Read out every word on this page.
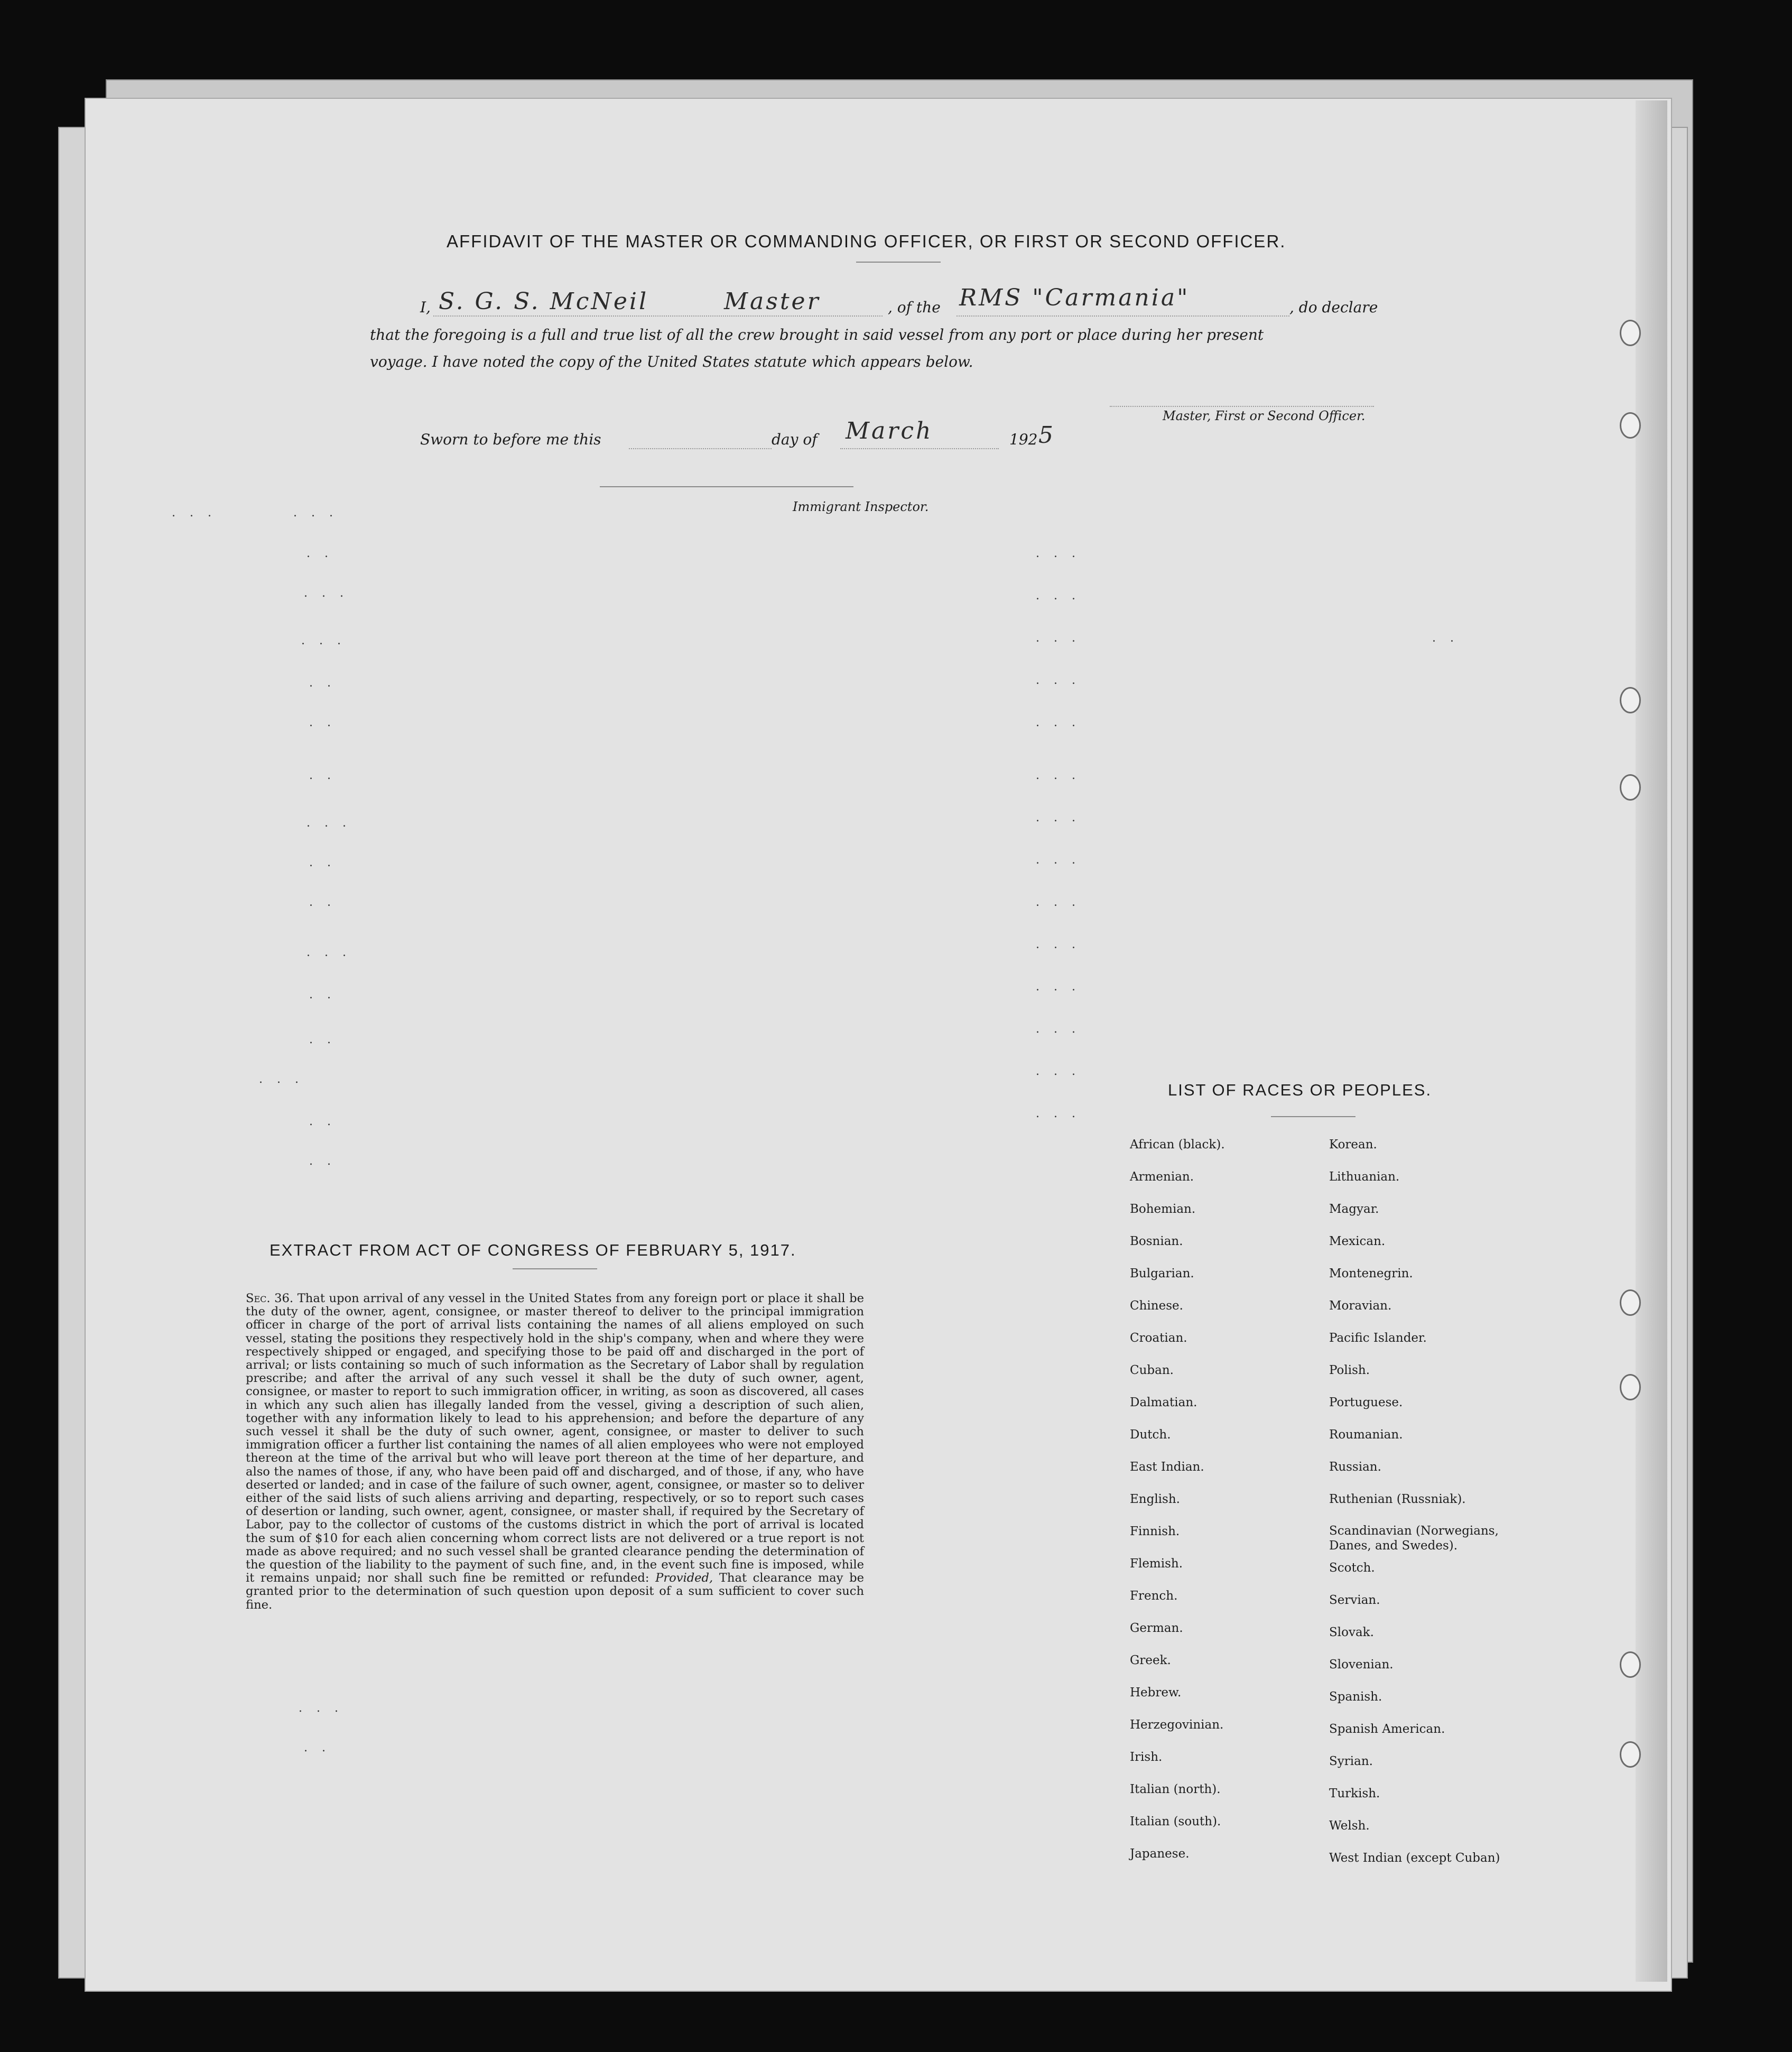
AFFIDAVIT OF THE MASTER OR COMMANDING OFFICER, OR FIRST OR SECOND OFFICER.
I, S. G. S. McNeil	Master	, of the RMS "Carmania"	, do declare
that the foregoing is a full and true list of all the crew brought in said vessel from any port or place during her present
voyage. I have noted the copy of the United States statute which appears below.
Master, First or Second Officer.
Sworn to before me this	day of March	192 5
Immigrant Inspector.
. . .	. . .
. .
. . .
. . .
. .
. .
. .
. . .
. .
. .
. . .
. .
. .
. . .
. .
. .
. . .
. . .
. . .
. . .
. . .
. . .
. . .
. . .
. . .
. . .
. . .
. . .
. . .
. . .
. .
EXTRACT FROM ACT OF CONGRESS OF FEBRUARY 5, 1917.
Sec. 36. That upon arrival of any vessel in the United States from any foreign port or place it shall be the duty of the owner, agent, consignee, or master thereof to deliver to the principal immigration officer in charge of the port of arrival lists containing the names of all aliens employed on such vessel, stating the positions they respectively hold in the ship's company, when and where they were respectively shipped or engaged, and specifying those to be paid off and discharged in the port of arrival; or lists containing so much of such information as the Secretary of Labor shall by regulation prescribe; and after the arrival of any such vessel it shall be the duty of such owner, agent, consignee, or master to report to such immigration officer, in writing, as soon as discovered, all cases in which any such alien has illegally landed from the vessel, giving a description of such alien, together with any information likely to lead to his apprehension; and before the departure of any such vessel it shall be the duty of such owner, agent, consignee, or master to deliver to such immigration officer a further list containing the names of all alien employees who were not employed thereon at the time of the arrival but who will leave port thereon at the time of her departure, and also the names of those, if any, who have been paid off and discharged, and of those, if any, who have deserted or landed; and in case of the failure of such owner, agent, consignee, or master so to deliver either of the said lists of such aliens arriving and departing, respectively, or so to report such cases of desertion or landing, such owner, agent, consignee, or master shall, if required by the Secretary of Labor, pay to the collector of customs of the customs district in which the port of arrival is located the sum of $10 for each alien concerning whom correct lists are not delivered or a true report is not made as above required; and no such vessel shall be granted clearance pending the determination of the question of the liability to the payment of such fine, and, in the event such fine is imposed, while it remains unpaid; nor shall such fine be remitted or refunded: Provided, That clearance may be granted prior to the determination of such question upon deposit of a sum sufficient to cover such fine.
. . .
. .
LIST OF RACES OR PEOPLES.
African (black).
Armenian.
Bohemian.
Bosnian.
Bulgarian.
Chinese.
Croatian.
Cuban.
Dalmatian.
Dutch.
East Indian.
English.
Finnish.
Flemish.
French.
German.
Greek.
Hebrew.
Herzegovinian.
Irish.
Italian (north).
Italian (south).
Japanese.
Korean.
Lithuanian.
Magyar.
Mexican.
Montenegrin.
Moravian.
Pacific Islander.
Polish.
Portuguese.
Roumanian.
Russian.
Ruthenian (Russniak).
Scandinavian (Norwegians, Danes, and Swedes).
Scotch.
Servian.
Slovak.
Slovenian.
Spanish.
Spanish American.
Syrian.
Turkish.
Welsh.
West Indian (except Cuban)
